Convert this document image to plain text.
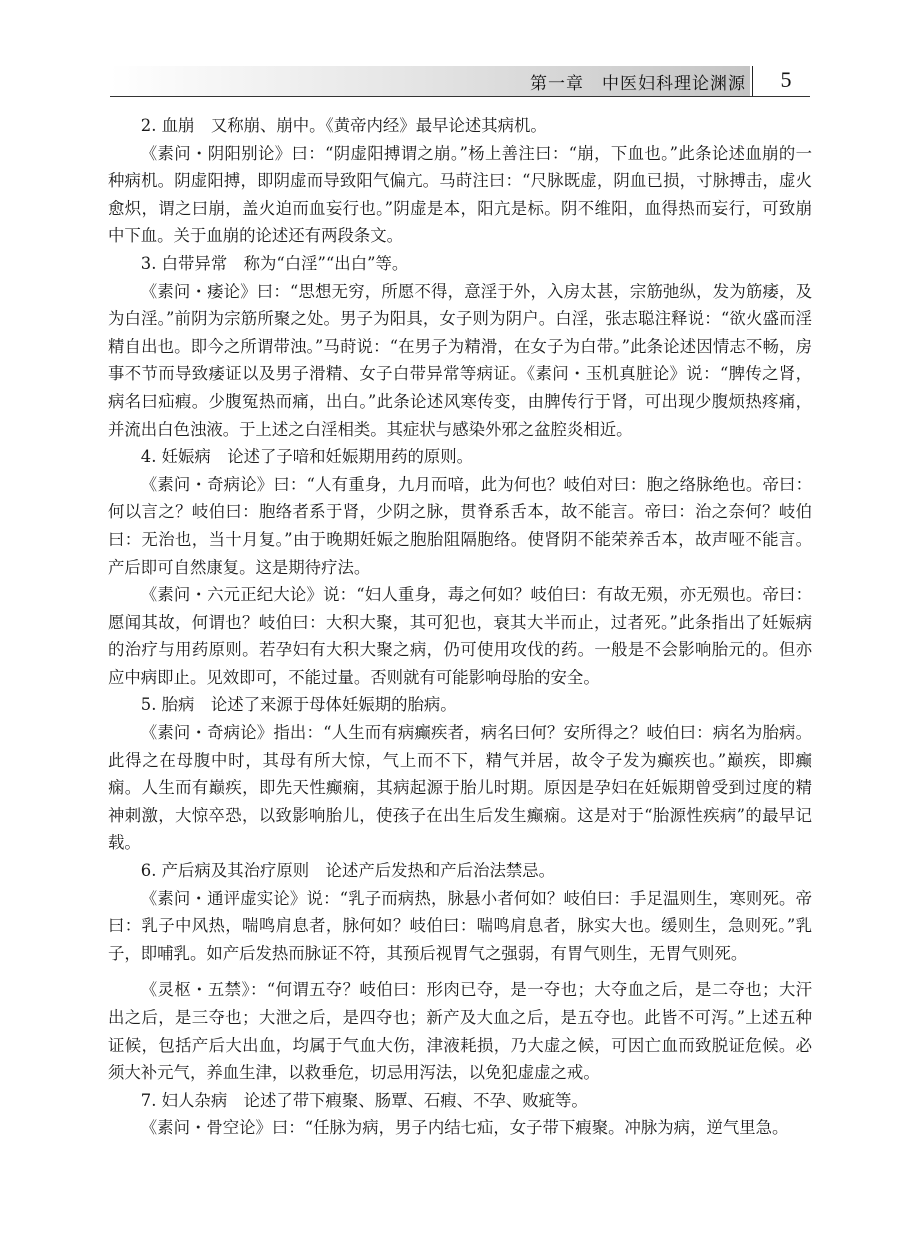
第一章　中医妇科理论渊源	5

2. 血崩　又称崩、崩中。《黄帝内经》最早论述其病机。

《素问・阴阳别论》曰：“阴虚阳搏谓之崩。”杨上善注曰：“崩，下血也。”此条论述血崩的一种病机。阴虚阳搏，即阴虚而导致阳气偏亢。马莳注曰：“尺脉既虚，阴血已损，寸脉搏击，虚火愈炽，谓之曰崩，盖火迫而血妄行也。”阴虚是本，阳亢是标。阴不维阳，血得热而妄行，可致崩中下血。关于血崩的论述还有两段条文。

3. 白带异常　称为“白淫”“出白”等。

《素问・痿论》曰：“思想无穷，所愿不得，意淫于外，入房太甚，宗筋弛纵，发为筋痿，及为白淫。”前阴为宗筋所聚之处。男子为阳具，女子则为阴户。白淫，张志聪注释说：“欲火盛而淫精自出也。即今之所谓带浊。”马莳说：“在男子为精滑，在女子为白带。”此条论述因情志不畅，房事不节而导致痿证以及男子滑精、女子白带异常等病证。《素问・玉机真脏论》说：“脾传之肾，病名曰疝瘕。少腹冤热而痛，出白。”此条论述风寒传变，由脾传行于肾，可出现少腹烦热疼痛，并流出白色浊液。于上述之白淫相类。其症状与感染外邪之盆腔炎相近。

4. 妊娠病　论述了子喑和妊娠期用药的原则。

《素问・奇病论》曰：“人有重身，九月而喑，此为何也？岐伯对曰：胞之络脉绝也。帝曰：何以言之？岐伯曰：胞络者系于肾，少阴之脉，贯脊系舌本，故不能言。帝曰：治之奈何？岐伯曰：无治也，当十月复。”由于晚期妊娠之胞胎阻隔胞络。使肾阴不能荣养舌本，故声哑不能言。产后即可自然康复。这是期待疗法。

《素问・六元正纪大论》说：“妇人重身，毒之何如？岐伯曰：有故无殒，亦无殒也。帝曰：愿闻其故，何谓也？岐伯曰：大积大聚，其可犯也，衰其大半而止，过者死。”此条指出了妊娠病的治疗与用药原则。若孕妇有大积大聚之病，仍可使用攻伐的药。一般是不会影响胎元的。但亦应中病即止。见效即可，不能过量。否则就有可能影响母胎的安全。

5. 胎病　论述了来源于母体妊娠期的胎病。

《素问・奇病论》指出：“人生而有病癫疾者，病名曰何？安所得之？岐伯曰：病名为胎病。此得之在母腹中时，其母有所大惊，气上而不下，精气并居，故令子发为癫疾也。”巅疾，即癫痫。人生而有巅疾，即先天性癫痫，其病起源于胎儿时期。原因是孕妇在妊娠期曾受到过度的精神刺激，大惊卒恐，以致影响胎儿，使孩子在出生后发生癫痫。这是对于“胎源性疾病”的最早记载。

6. 产后病及其治疗原则　论述产后发热和产后治法禁忌。

《素问・通评虚实论》说：“乳子而病热，脉悬小者何如？岐伯曰：手足温则生，寒则死。帝曰：乳子中风热，喘鸣肩息者，脉何如？岐伯曰：喘鸣肩息者，脉实大也。缓则生，急则死。”乳子，即哺乳。如产后发热而脉证不符，其预后视胃气之强弱，有胃气则生，无胃气则死。

《灵枢・五禁》：“何谓五夺？岐伯曰：形肉已夺，是一夺也；大夺血之后，是二夺也；大汗出之后，是三夺也；大泄之后，是四夺也；新产及大血之后，是五夺也。此皆不可泻。”上述五种证候，包括产后大出血，均属于气血大伤，津液耗损，乃大虚之候，可因亡血而致脱证危候。必须大补元气，养血生津，以救垂危，切忌用泻法，以免犯虚虚之戒。

7. 妇人杂病　论述了带下瘕聚、肠覃、石瘕、不孕、败疵等。

《素问・骨空论》曰：“任脉为病，男子内结七疝，女子带下瘕聚。冲脉为病，逆气里急。
